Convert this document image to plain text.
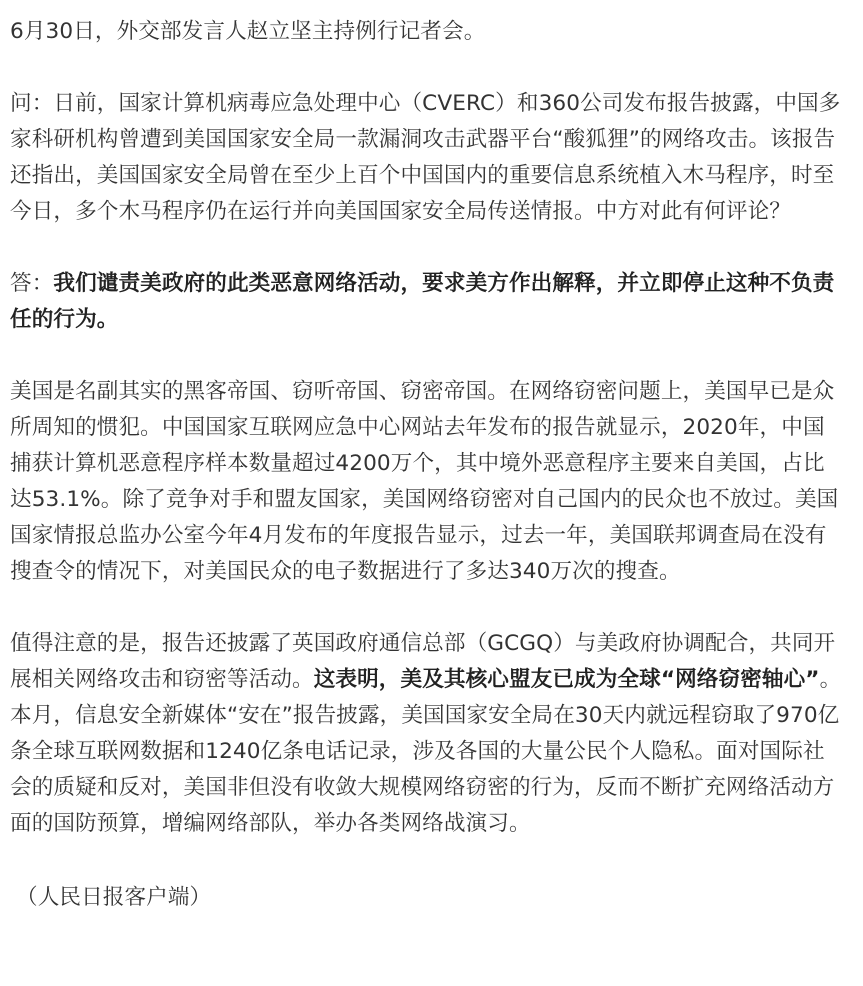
6月30日，外交部发言人赵立坚主持例行记者会。

问：日前，国家计算机病毒应急处理中心（CVERC）和360公司发布报告披露，中国多家科研机构曾遭到美国国家安全局一款漏洞攻击武器平台“酸狐狸”的网络攻击。该报告还指出，美国国家安全局曾在至少上百个中国国内的重要信息系统植入木马程序，时至今日，多个木马程序仍在运行并向美国国家安全局传送情报。中方对此有何评论？

答：我们谴责美政府的此类恶意网络活动，要求美方作出解释，并立即停止这种不负责任的行为。

美国是名副其实的黑客帝国、窃听帝国、窃密帝国。在网络窃密问题上，美国早已是众所周知的惯犯。中国国家互联网应急中心网站去年发布的报告就显示，2020年，中国捕获计算机恶意程序样本数量超过4200万个，其中境外恶意程序主要来自美国，占比达53.1%。除了竞争对手和盟友国家，美国网络窃密对自己国内的民众也不放过。美国国家情报总监办公室今年4月发布的年度报告显示，过去一年，美国联邦调查局在没有搜查令的情况下，对美国民众的电子数据进行了多达340万次的搜查。

值得注意的是，报告还披露了英国政府通信总部（GCGQ）与美政府协调配合，共同开展相关网络攻击和窃密等活动。这表明，美及其核心盟友已成为全球“网络窃密轴心”。本月，信息安全新媒体“安在”报告披露，美国国家安全局在30天内就远程窃取了970亿条全球互联网数据和1240亿条电话记录，涉及各国的大量公民个人隐私。面对国际社会的质疑和反对，美国非但没有收敛大规模网络窃密的行为，反而不断扩充网络活动方面的国防预算，增编网络部队，举办各类网络战演习。

（人民日报客户端）
